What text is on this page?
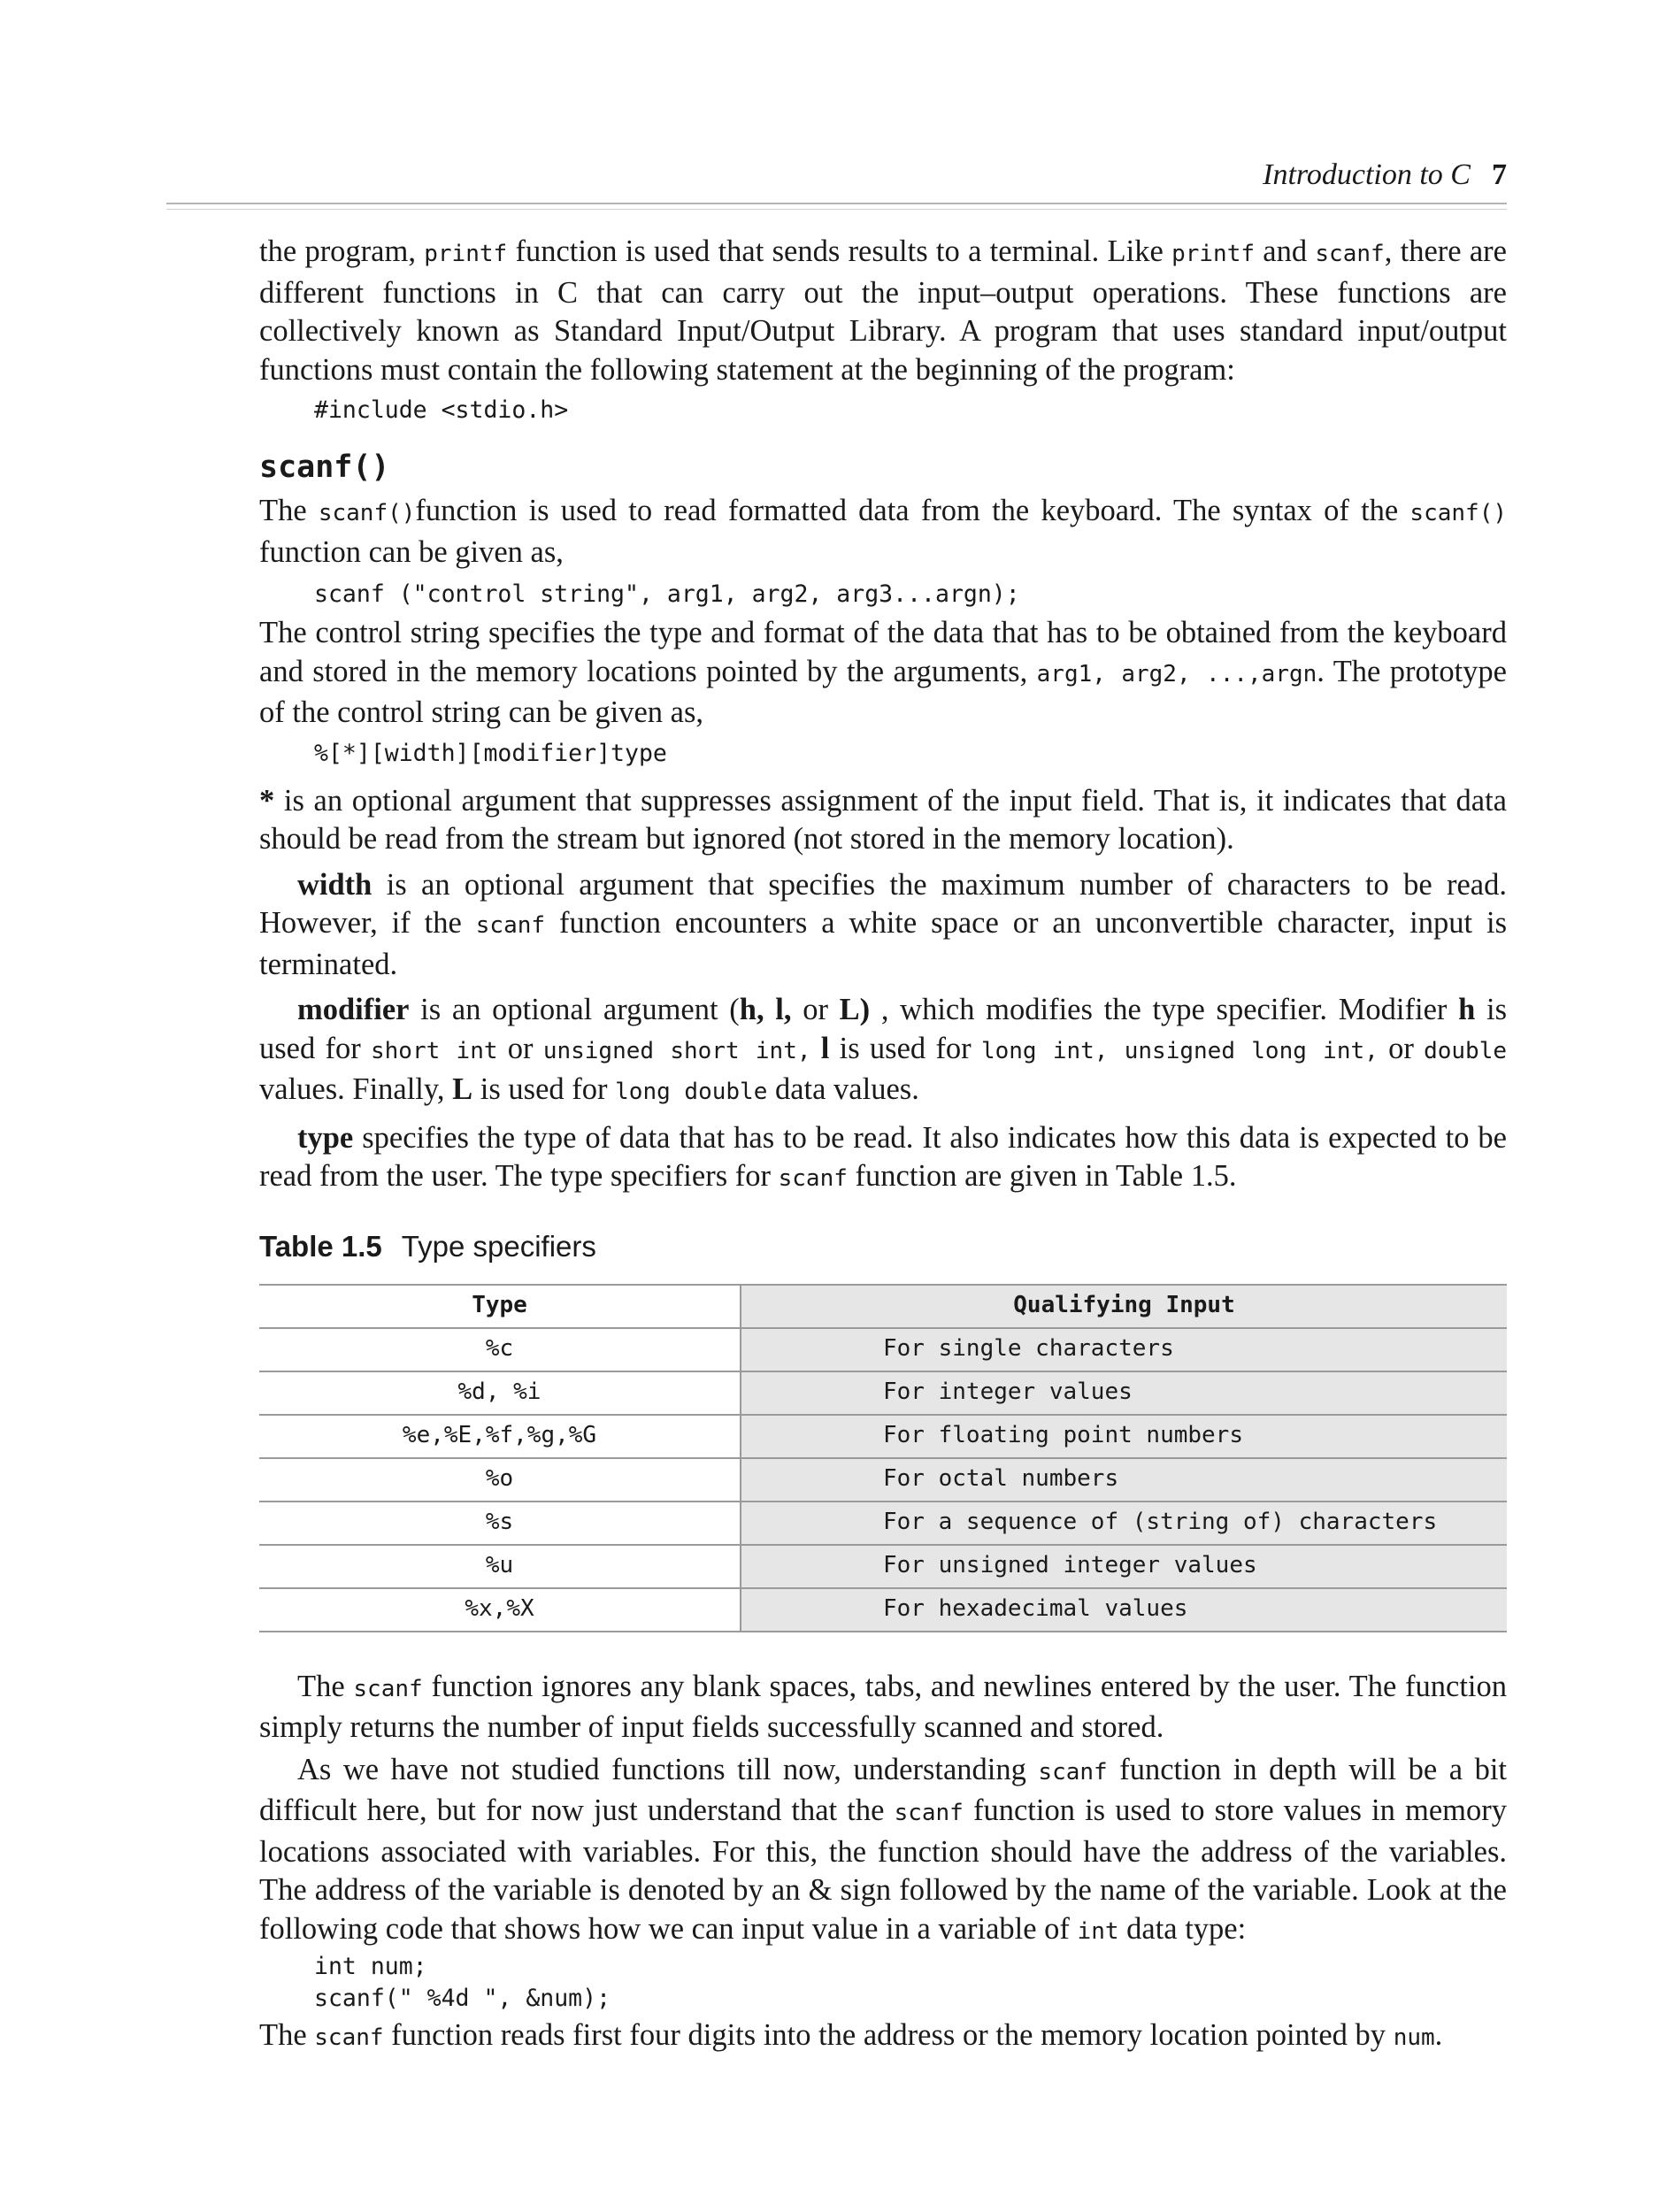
Introduction to C 7

the program, printf function is used that sends results to a terminal. Like printf and scanf, there are different functions in C that can carry out the input–output operations. These functions are collectively known as Standard Input/Output Library. A program that uses standard input/output functions must contain the following statement at the beginning of the program:

#include <stdio.h>
scanf()

The scanf()function is used to read formatted data from the keyboard. The syntax of the scanf() function can be given as,

scanf ("control string", arg1, arg2, arg3...argn);

The control string specifies the type and format of the data that has to be obtained from the keyboard and stored in the memory locations pointed by the arguments, arg1, arg2, ...,argn. The prototype of the control string can be given as,

%[*][width][modifier]type

* is an optional argument that suppresses assignment of the input field. That is, it indicates that data should be read from the stream but ignored (not stored in the memory location).

width is an optional argument that specifies the maximum number of characters to be read. However, if the scanf function encounters a white space or an unconvertible character, input is terminated.

modifier is an optional argument (h, l, or L) , which modifies the type specifier. Modifier h is used for short int or unsigned short int, l is used for long int, unsigned long int, or double values. Finally, L is used for long double data values.

type specifies the type of data that has to be read. It also indicates how this data is expected to be read from the user. The type specifiers for scanf function are given in Table 1.5.

Table 1.5 Type specifiers
Type	Qualifying Input
%c	For single characters
%d, %i	For integer values
%e,%E,%f,%g,%G	For floating point numbers
%o	For octal numbers
%s	For a sequence of (string of) characters
%u	For unsigned integer values
%x,%X	For hexadecimal values

The scanf function ignores any blank spaces, tabs, and newlines entered by the user. The function simply returns the number of input fields successfully scanned and stored.

As we have not studied functions till now, understanding scanf function in depth will be a bit difficult here, but for now just understand that the scanf function is used to store values in memory locations associated with variables. For this, the function should have the address of the variables. The address of the variable is denoted by an & sign followed by the name of the variable. Look at the following code that shows how we can input value in a variable of int data type:

int num;
scanf(" %4d ", &num);

The scanf function reads first four digits into the address or the memory location pointed by num.
